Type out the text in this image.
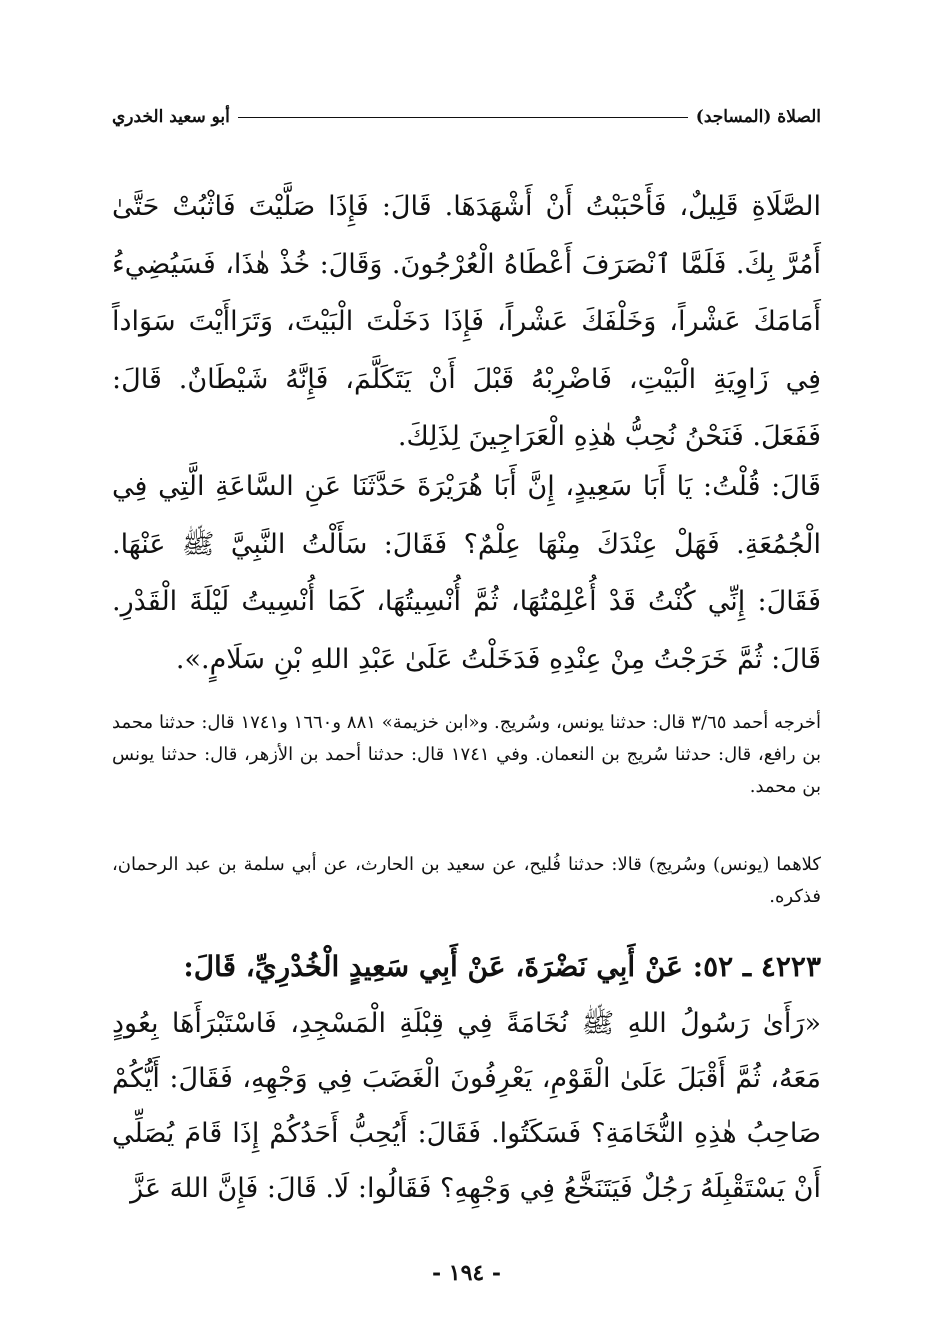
الصلاة (المساجد)
أبو سعيد الخدري

الصَّلَاةِ قَلِيلٌ، فَأَحْبَبْتُ أَنْ أَشْهَدَهَا. قَالَ: فَإِذَا صَلَّيْتَ فَاثْبُتْ حَتَّىٰ أَمُرَّ بِكَ. فَلَمَّا ٱنْصَرَفَ أَعْطَاهُ الْعُرْجُونَ. وَقَالَ: خُذْ هٰذَا، فَسَيُضِيءُ أَمَامَكَ عَشْراً، وَخَلْفَكَ عَشْراً، فَإِذَا دَخَلْتَ الْبَيْتَ، وَتَرَاأَيْتَ سَوَاداً فِي زَاوِيَةِ الْبَيْتِ، فَاضْرِبْهُ قَبْلَ أَنْ يَتَكَلَّمَ، فَإِنَّهُ شَيْطَانٌ. قَالَ: فَفَعَلَ. فَنَحْنُ نُحِبُّ هٰذِهِ الْعَرَاجِينَ لِذَلِكَ.

قَالَ: قُلْتُ: يَا أَبَا سَعِيدٍ، إِنَّ أَبَا هُرَيْرَةَ حَدَّثَنَا عَنِ السَّاعَةِ الَّتِي فِي الْجُمُعَةِ. فَهَلْ عِنْدَكَ مِنْهَا عِلْمٌ؟ فَقَالَ: سَأَلْتُ النَّبِيَّ ﷺ عَنْهَا. فَقَالَ: إِنِّي كُنْتُ قَدْ أُعْلِمْتُهَا، ثُمَّ أُنْسِيتُهَا، كَمَا أُنْسِيتُ لَيْلَةَ الْقَدْرِ. قَالَ: ثُمَّ خَرَجْتُ مِنْ عِنْدِهِ فَدَخَلْتُ عَلَىٰ عَبْدِ اللهِ بْنِ سَلَامٍ.».

أخرجه أحمد ٣/٦٥ قال: حدثنا يونس، وسُريج. و«ابن خزيمة» ٨٨١ و١٦٦٠ و١٧٤١ قال: حدثنا محمد بن رافع، قال: حدثنا سُريج بن النعمان. وفي ١٧٤١ قال: حدثنا أحمد بن الأزهر، قال: حدثنا يونس بن محمد.

كلاهما (يونس) وسُريج) قالا: حدثنا فُليح، عن سعيد بن الحارث، عن أبي سلمة بن عبد الرحمان، فذكره.

٤٢٢٣ ـ ٥٢: عَنْ أَبِي نَضْرَةَ، عَنْ أَبِي سَعِيدٍ الْخُدْرِيِّ، قَالَ:

«رَأَىٰ رَسُولُ اللهِ ﷺ نُخَامَةً فِي قِبْلَةِ الْمَسْجِدِ، فَاسْتَبْرَأَهَا بِعُودٍ مَعَهُ، ثُمَّ أَقْبَلَ عَلَىٰ الْقَوْمِ، يَعْرِفُونَ الْغَضَبَ فِي وَجْهِهِ، فَقَالَ: أَيُّكُمْ صَاحِبُ هٰذِهِ النُّخَامَةِ؟ فَسَكَتُوا. فَقَالَ: أَيُحِبُّ أَحَدُكُمْ إِذَا قَامَ يُصَلِّي أَنْ يَسْتَقْبِلَهُ رَجُلٌ فَيَتَنَخَّعُ فِي وَجْهِهِ؟ فَقَالُوا: لَا. قَالَ: فَإِنَّ اللهَ عَزَّ

- ١٩٤ -
